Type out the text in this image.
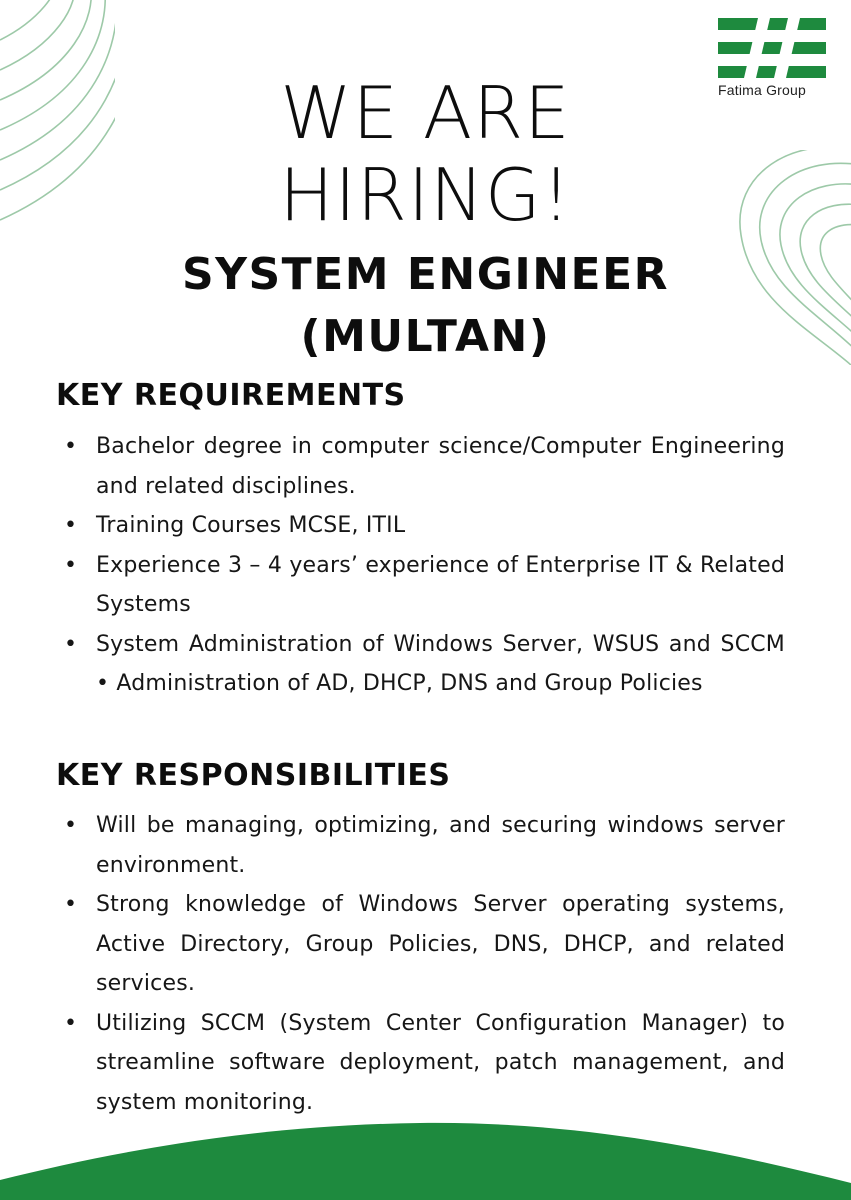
Fatima Group
WE ARE
HIRING!
SYSTEM ENGINEER
(MULTAN)
KEY REQUIREMENTS
• Bachelor degree in computer science/Computer Engineering and related disciplines.
• Training Courses MCSE, ITIL
• Experience 3 – 4 years’ experience of Enterprise IT & Related Systems
• System Administration of Windows Server, WSUS and SCCM • Administration of AD, DHCP, DNS and Group Policies
KEY RESPONSIBILITIES
• Will be managing, optimizing, and securing windows server environment.
• Strong knowledge of Windows Server operating systems, Active Directory, Group Policies, DNS, DHCP, and related services.
• Utilizing SCCM (System Center Configuration Manager) to streamline software deployment, patch management, and system monitoring.
